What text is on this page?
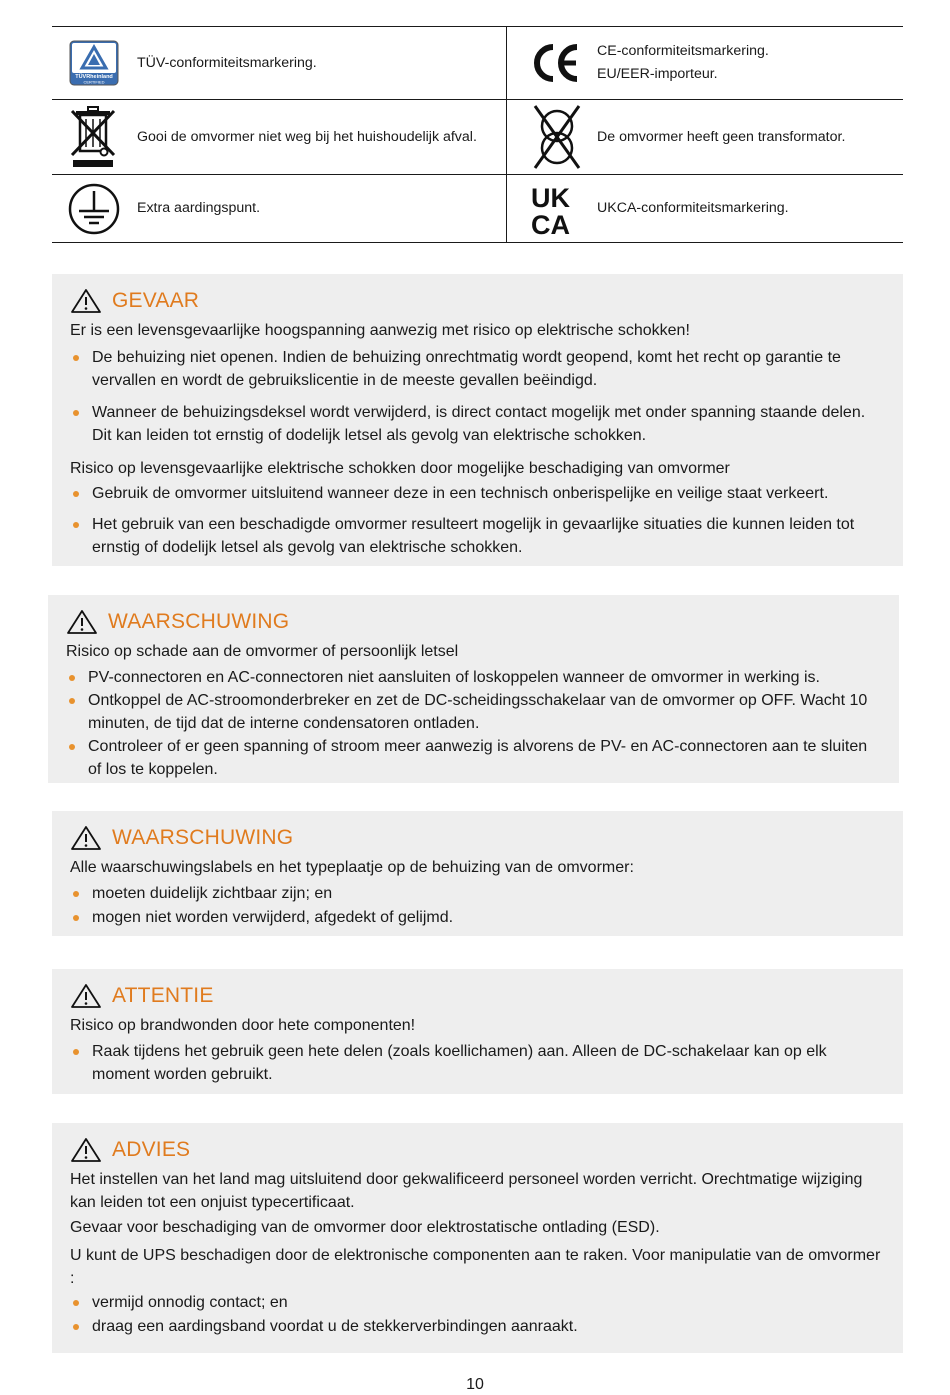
TÜVRheinland
CERTIFIED
TÜV-conformiteitsmarkering.
CE-conformiteitsmarkering.
EU/EER-importeur.
Gooi de omvormer niet weg bij het huishoudelijk afval.	De omvormer heeft geen transformator.
Extra aardingspunt.	UK
CA
UKCA-conformiteitsmarkering.
GEVAAR

Er is een levensgevaarlijke hoogspanning aanwezig met risico op elektrische schokken!

De behuizing niet openen. Indien de behuizing onrechtmatig wordt geopend, komt het recht op garantie te vervallen en wordt de gebruikslicentie in de meeste gevallen beëindigd.
Wanneer de behuizingsdeksel wordt verwijderd, is direct contact mogelijk met onder spanning staande delen. Dit kan leiden tot ernstig of dodelijk letsel als gevolg van elektrische schokken.

Risico op levensgevaarlijke elektrische schokken door mogelijke beschadiging van omvormer

Gebruik de omvormer uitsluitend wanneer deze in een technisch onberispelijke en veilige staat verkeert.
Het gebruik van een beschadigde omvormer resulteert mogelijk in gevaarlijke situaties die kunnen leiden tot ernstig of dodelijk letsel als gevolg van elektrische schokken.
WAARSCHUWING

Risico op schade aan de omvormer of persoonlijk letsel

PV-connectoren en AC-connectoren niet aansluiten of loskoppelen wanneer de omvormer in werking is.
Ontkoppel de AC-stroomonderbreker en zet de DC-scheidingsschakelaar van de omvormer op OFF. Wacht 10 minuten, de tijd dat de interne condensatoren ontladen.
Controleer of er geen spanning of stroom meer aanwezig is alvorens de PV- en AC-connectoren aan te sluiten of los te koppelen.
WAARSCHUWING

Alle waarschuwingslabels en het typeplaatje op de behuizing van de omvormer:

moeten duidelijk zichtbaar zijn; en
mogen niet worden verwijderd, afgedekt of gelijmd.
ATTENTIE

Risico op brandwonden door hete componenten!

Raak tijdens het gebruik geen hete delen (zoals koellichamen) aan. Alleen de DC-schakelaar kan op elk moment worden gebruikt.
ADVIES

Het instellen van het land mag uitsluitend door gekwalificeerd personeel worden verricht. Orechtmatige wijziging kan leiden tot een onjuist typecertificaat.

Gevaar voor beschadiging van de omvormer door elektrostatische ontlading (ESD).

U kunt de UPS beschadigen door de elektronische componenten aan te raken. Voor manipulatie van de omvormer :

vermijd onnodig contact; en
draag een aardingsband voordat u de stekkerverbindingen aanraakt.
10
